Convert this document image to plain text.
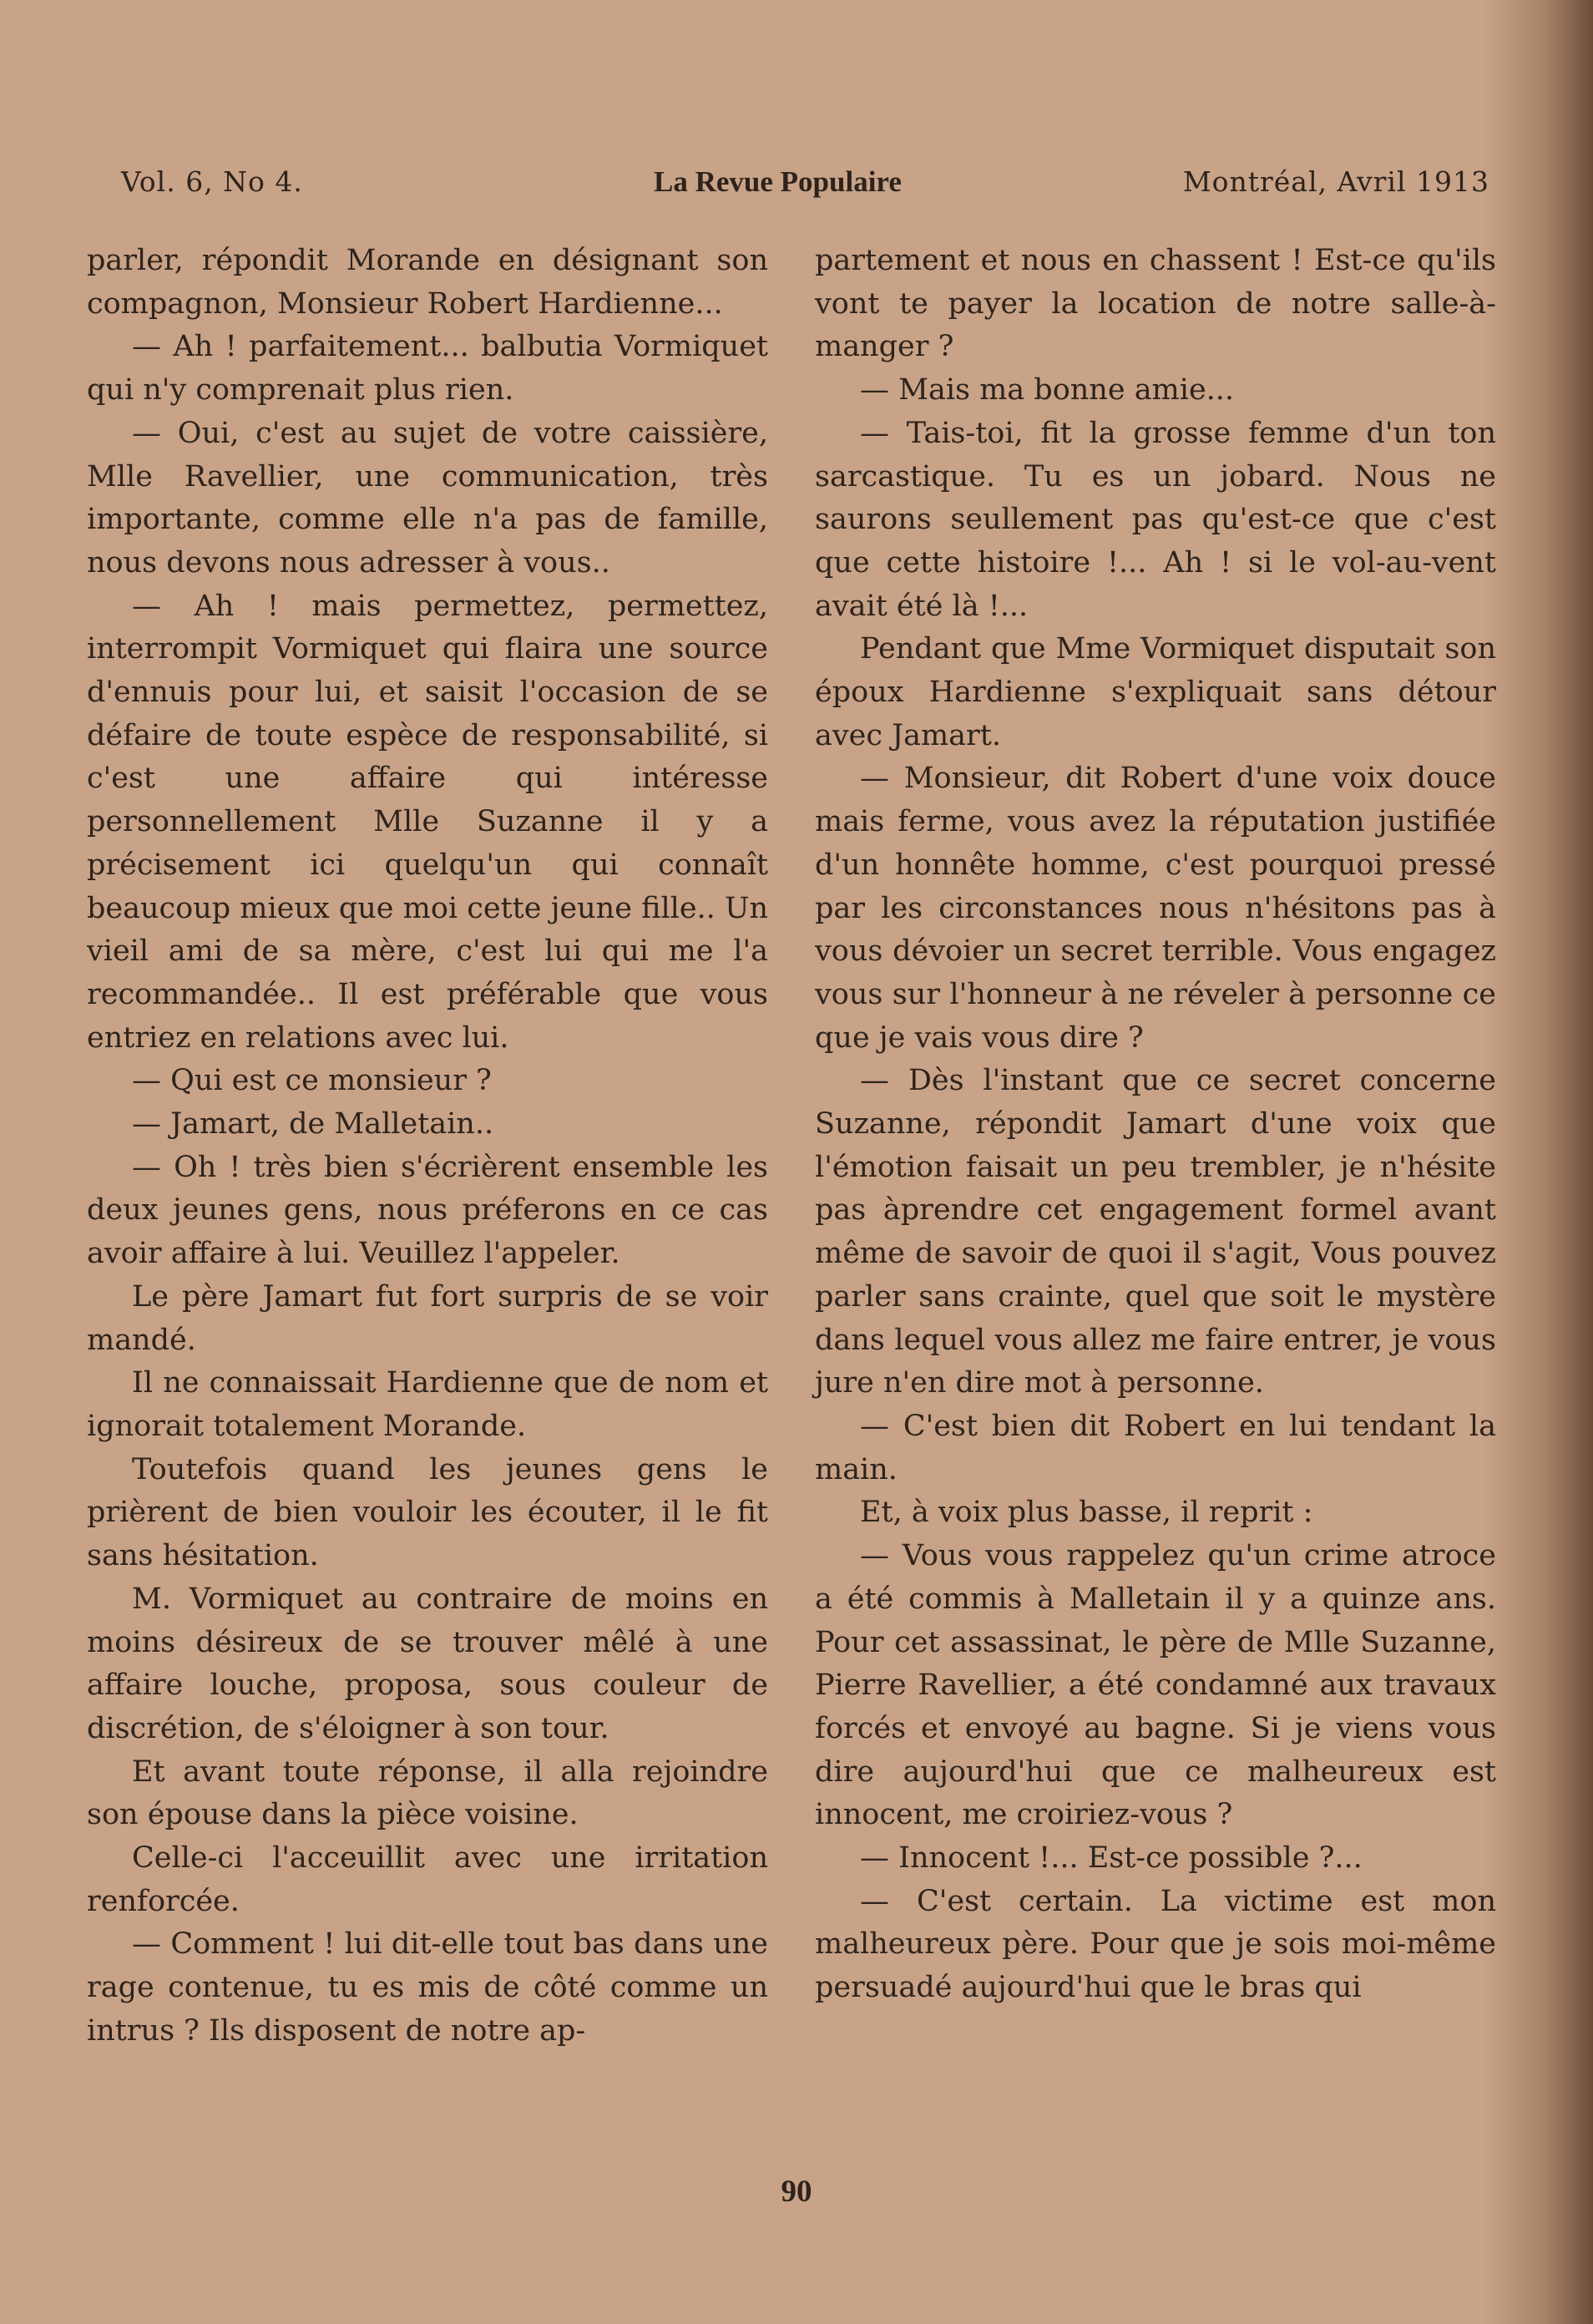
Vol. 6, No 4.	La Revue Populaire	Montréal, Avril 1913

parler, répondit Morande en désignant son compagnon, Monsieur Robert Hardienne...

— Ah ! parfaitement... balbutia Vormiquet qui n'y comprenait plus rien.

— Oui, c'est au sujet de votre caissière, Mlle Ravellier, une communication, très importante, comme elle n'a pas de famille, nous devons nous adresser à vous..

— Ah ! mais permettez, permettez, interrompit Vormiquet qui flaira une source d'ennuis pour lui, et saisit l'occasion de se défaire de toute espèce de responsabilité, si c'est une affaire qui intéresse personnellement Mlle Suzanne il y a précisement ici quelqu'un qui connaît beaucoup mieux que moi cette jeune fille.. Un vieil ami de sa mère, c'est lui qui me l'a recommandée.. Il est préférable que vous entriez en relations avec lui.

— Qui est ce monsieur ?

— Jamart, de Malletain..

— Oh ! très bien s'écrièrent ensemble les deux jeunes gens, nous préferons en ce cas avoir affaire à lui. Veuillez l'appeler.

Le père Jamart fut fort surpris de se voir mandé.

Il ne connaissait Hardienne que de nom et ignorait totalement Morande.

Toutefois quand les jeunes gens le prièrent de bien vouloir les écouter, il le fit sans hésitation.

M. Vormiquet au contraire de moins en moins désireux de se trouver mêlé à une affaire louche, proposa, sous couleur de discrétion, de s'éloigner à son tour.

Et avant toute réponse, il alla rejoindre son épouse dans la pièce voisine.

Celle-ci l'acceuillit avec une irritation renforcée.

— Comment ! lui dit-elle tout bas dans une rage contenue, tu es mis de côté comme un intrus ? Ils disposent de notre ap-

partement et nous en chassent ! Est-ce qu'ils vont te payer la location de notre salle-à-manger ?

— Mais ma bonne amie...

— Tais-toi, fit la grosse femme d'un ton sarcastique. Tu es un jobard. Nous ne saurons seullement pas qu'est-ce que c'est que cette histoire !... Ah ! si le vol-au-vent avait été là !...

Pendant que Mme Vormiquet disputait son époux Hardienne s'expliquait sans détour avec Jamart.

— Monsieur, dit Robert d'une voix douce mais ferme, vous avez la réputation justifiée d'un honnête homme, c'est pourquoi pressé par les circonstances nous n'hésitons pas à vous dévoier un secret terrible. Vous engagez vous sur l'honneur à ne réveler à personne ce que je vais vous dire ?

— Dès l'instant que ce secret concerne Suzanne, répondit Jamart d'une voix que l'émotion faisait un peu trembler, je n'hésite pas àprendre cet engagement formel avant même de savoir de quoi il s'agit, Vous pouvez parler sans crainte, quel que soit le mystère dans lequel vous allez me faire entrer, je vous jure n'en dire mot à personne.

— C'est bien dit Robert en lui tendant la main.

Et, à voix plus basse, il reprit :

— Vous vous rappelez qu'un crime atroce a été commis à Malletain il y a quinze ans. Pour cet assassinat, le père de Mlle Suzanne, Pierre Ravellier, a été condamné aux travaux forcés et envoyé au bagne. Si je viens vous dire aujourd'hui que ce malheureux est innocent, me croiriez-vous ?

— Innocent !... Est-ce possible ?...

— C'est certain. La victime est mon malheureux père. Pour que je sois moi-même persuadé aujourd'hui que le bras qui

90
